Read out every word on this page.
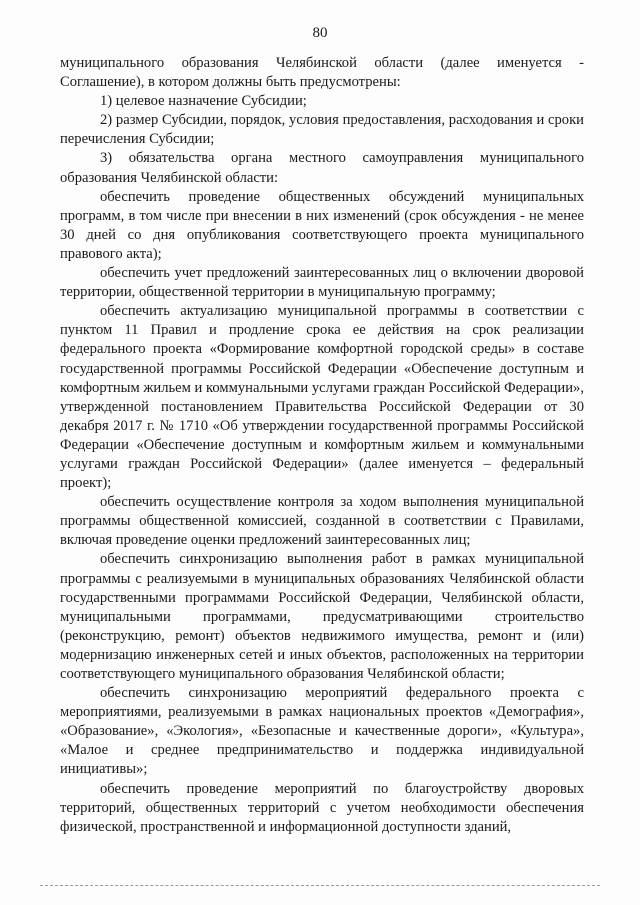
80

муниципального образования Челябинской области (далее именуется - Соглашение), в котором должны быть предусмотрены:

1) целевое назначение Субсидии;

2) размер Субсидии, порядок, условия предоставления, расходования и сроки перечисления Субсидии;

3) обязательства органа местного самоуправления муниципального образования Челябинской области:

обеспечить проведение общественных обсуждений муниципальных программ, в том числе при внесении в них изменений (срок обсуждения - не менее 30 дней со дня опубликования соответствующего проекта муниципального правового акта);

обеспечить учет предложений заинтересованных лиц о включении дворовой территории, общественной территории в муниципальную программу;

обеспечить актуализацию муниципальной программы в соответствии с пунктом 11 Правил и продление срока ее действия на срок реализации федерального проекта «Формирование комфортной городской среды» в составе государственной программы Российской Федерации «Обеспечение доступным и комфортным жильем и коммунальными услугами граждан Российской Федерации», утвержденной постановлением Правительства Российской Федерации от 30 декабря 2017 г. № 1710 «Об утверждении государственной программы Российской Федерации «Обеспечение доступным и комфортным жильем и коммунальными услугами граждан Российской Федерации» (далее именуется – федеральный проект);

обеспечить осуществление контроля за ходом выполнения муниципальной программы общественной комиссией, созданной в соответствии с Правилами, включая проведение оценки предложений заинтересованных лиц;

обеспечить синхронизацию выполнения работ в рамках муниципальной программы с реализуемыми в муниципальных образованиях Челябинской области государственными программами Российской Федерации, Челябинской области, муниципальными программами, предусматривающими строительство (реконструкцию, ремонт) объектов недвижимого имущества, ремонт и (или) модернизацию инженерных сетей и иных объектов, расположенных на территории соответствующего муниципального образования Челябинской области;

обеспечить синхронизацию мероприятий федерального проекта с мероприятиями, реализуемыми в рамках национальных проектов «Демография», «Образование», «Экология», «Безопасные и качественные дороги», «Культура», «Малое и среднее предпринимательство и поддержка индивидуальной инициативы»;

обеспечить проведение мероприятий по благоустройству дворовых территорий, общественных территорий с учетом необходимости обеспечения физической, пространственной и информационной доступности зданий,
